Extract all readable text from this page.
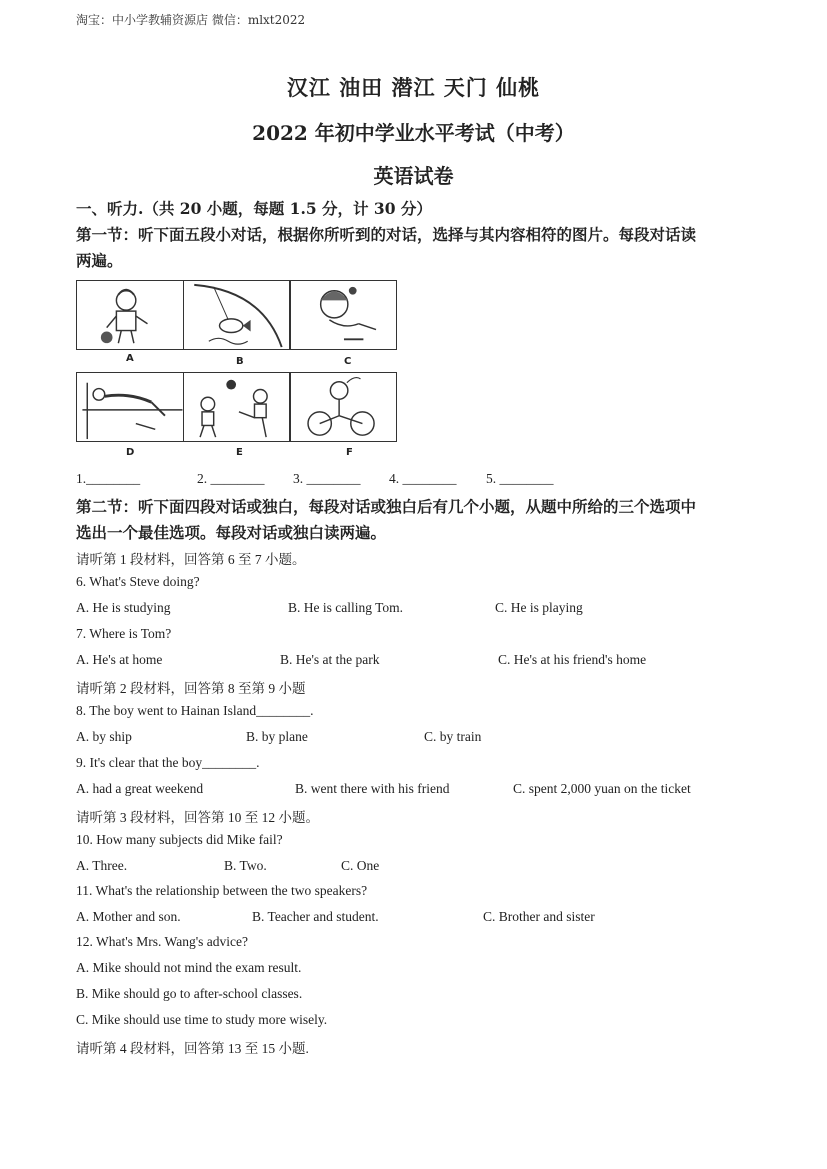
淘宝：中小学教辅资源店 微信：mlxt2022
汉江 油田 潜江 天门 仙桃
2022 年初中学业水平考试（中考）
英语试卷
一、听力.（共 20 小题，每题 1.5 分，计 30 分）
第一节：听下面五段小对话，根据你所听到的对话，选择与其内容相符的图片。每段对话读
两遍。
A	B	C
D	E	F
1.________	2. ________ 3. ________ 4. ________ 5. ________
第二节：听下面四段对话或独白，每段对话或独白后有几个小题，从题中所给的三个选项中
选出一个最佳选项。每段对话或独白读两遍。
请听第 1 段材料，回答第 6 至 7 小题。
6. What's Steve doing?
A. He is studying	B. He is calling Tom.	C. He is playing
7. Where is Tom?
A. He's at home	B. He's at the park	C. He's at his friend's home
请听第 2 段材料，回答第 8 至第 9 小题
8. The boy went to Hainan Island________.
A. by ship	B. by plane	C. by train
9. It's clear that the boy________.
A. had a great weekend	B. went there with his friend	C. spent 2,000 yuan on the ticket
请听第 3 段材料，回答第 10 至 12 小题。
10. How many subjects did Mike fail?
A. Three.	B. Two.	C. One
11. What's the relationship between the two speakers?
A. Mother and son.	B. Teacher and student.	C. Brother and sister
12. What's Mrs. Wang's advice?
A. Mike should not mind the exam result.
B. Mike should go to after-school classes.
C. Mike should use time to study more wisely.
请听第 4 段材料，回答第 13 至 15 小题.
